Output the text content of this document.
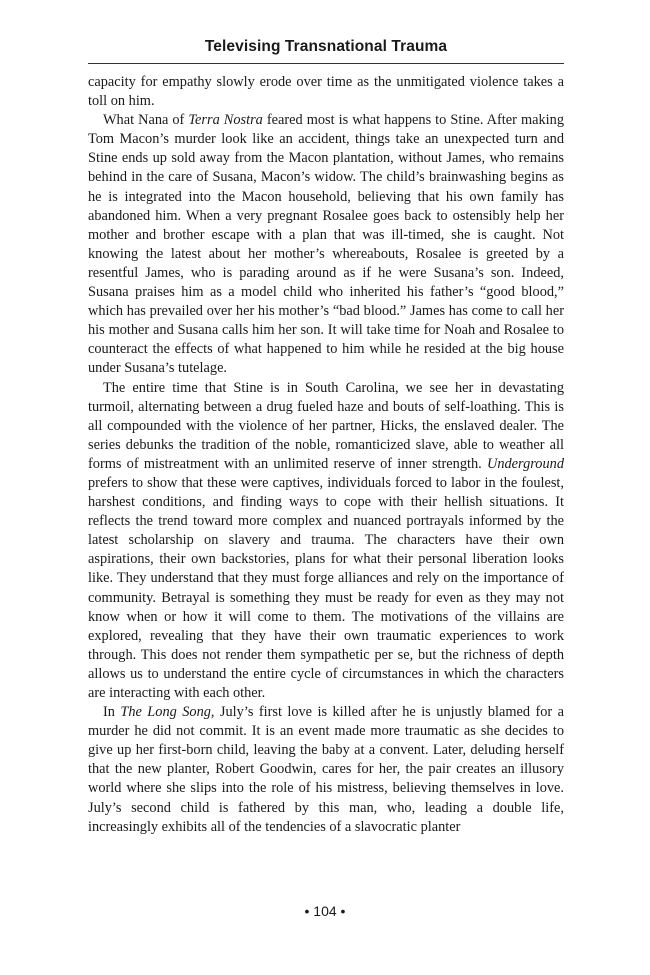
Televising Transnational Trauma

capacity for empathy slowly erode over time as the unmitigated violence takes a toll on him.

What Nana of Terra Nostra feared most is what happens to Stine. After making Tom Macon’s murder look like an accident, things take an unexpected turn and Stine ends up sold away from the Macon plantation, without James, who remains behind in the care of Susana, Macon’s widow. The child’s brainwashing begins as he is integrated into the Macon household, believing that his own family has abandoned him. When a very pregnant Rosalee goes back to ostensibly help her mother and brother escape with a plan that was ill-timed, she is caught. Not knowing the latest about her mother’s whereabouts, Rosalee is greeted by a resentful James, who is parading around as if he were Susana’s son. Indeed, Susana praises him as a model child who inherited his father’s “good blood,” which has prevailed over her his mother’s “bad blood.” James has come to call her his mother and Susana calls him her son. It will take time for Noah and Rosalee to counteract the effects of what happened to him while he resided at the big house under Susana’s tutelage.

The entire time that Stine is in South Carolina, we see her in devastating turmoil, alternating between a drug fueled haze and bouts of self-loathing. This is all compounded with the violence of her partner, Hicks, the enslaved dealer. The series debunks the tradition of the noble, romanticized slave, able to weather all forms of mistreatment with an unlimited reserve of inner strength. Underground prefers to show that these were captives, individuals forced to labor in the foulest, harshest conditions, and finding ways to cope with their hellish situations. It reflects the trend toward more complex and nuanced portrayals informed by the latest scholarship on slavery and trauma. The characters have their own aspirations, their own backstories, plans for what their personal liberation looks like. They understand that they must forge alliances and rely on the importance of community. Betrayal is something they must be ready for even as they may not know when or how it will come to them. The motivations of the villains are explored, revealing that they have their own traumatic experiences to work through. This does not render them sympathetic per se, but the richness of depth allows us to understand the entire cycle of circumstances in which the characters are interacting with each other.

In The Long Song, July’s first love is killed after he is unjustly blamed for a murder he did not commit. It is an event made more traumatic as she decides to give up her first-born child, leaving the baby at a convent. Later, deluding herself that the new planter, Robert Goodwin, cares for her, the pair creates an illusory world where she slips into the role of his mistress, believing themselves in love. July’s second child is fathered by this man, who, leading a double life, increasingly exhibits all of the tendencies of a slavocratic planter

• 104 •
